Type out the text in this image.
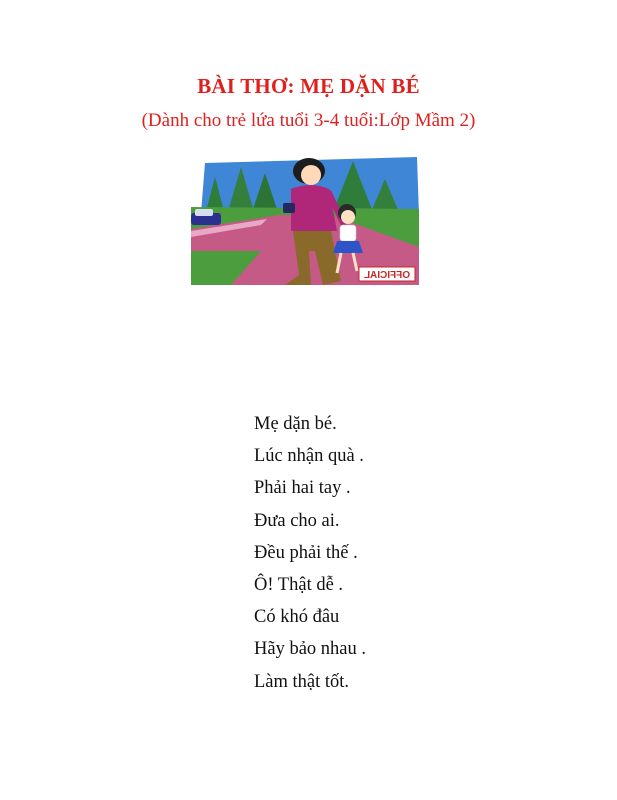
BÀI THƠ: MẸ DẶN BÉ
(Dành cho trẻ lứa tuổi 3-4 tuổi:Lớp Mầm 2)
OFFICIAL
Mẹ dặn bé.
Lúc nhận quà .
Phải hai tay .
Đưa cho ai.
Đều phải thế .
Ô! Thật dễ .
Có khó đâu
Hãy bảo nhau .
Làm thật tốt.
